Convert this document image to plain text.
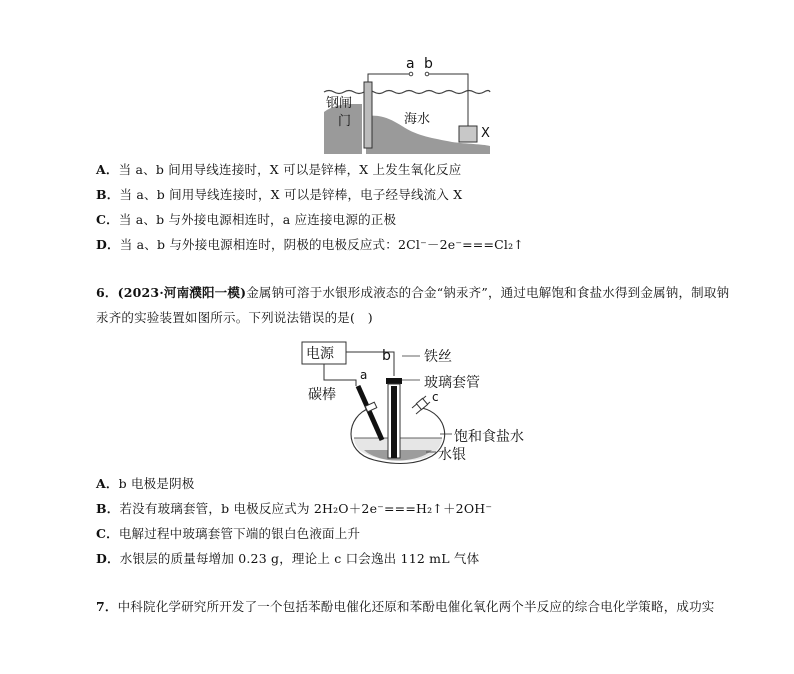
a b
钢闸
门	海水
X
A．当 a、b 间用导线连接时，X 可以是锌棒，X 上发生氧化反应
B．当 a、b 间用导线连接时，X 可以是锌棒，电子经导线流入 X
C．当 a、b 与外接电源相连时，a 应连接电源的正极
D．当 a、b 与外接电源相连时，阴极的电极反应式：2Cl⁻－2e⁻===Cl₂↑
6．(2023·河南濮阳一模)金属钠可溶于水银形成液态的合金“钠汞齐”，通过电解饱和食盐水得到金属钠，制取钠
汞齐的实验装置如图所示。下列说法错误的是(　)
电源	b
a
碳棒
铁丝
玻璃套管
c
饱和食盐水
水银
A．b 电极是阴极
B．若没有玻璃套管，b 电极反应式为 2H₂O＋2e⁻===H₂↑＋2OH⁻
C．电解过程中玻璃套管下端的银白色液面上升
D．水银层的质量每增加 0.23 g，理论上 c 口会逸出 112 mL 气体
7．中科院化学研究所开发了一个包括苯酚电催化还原和苯酚电催化氧化两个半反应的综合电化学策略，成功实
